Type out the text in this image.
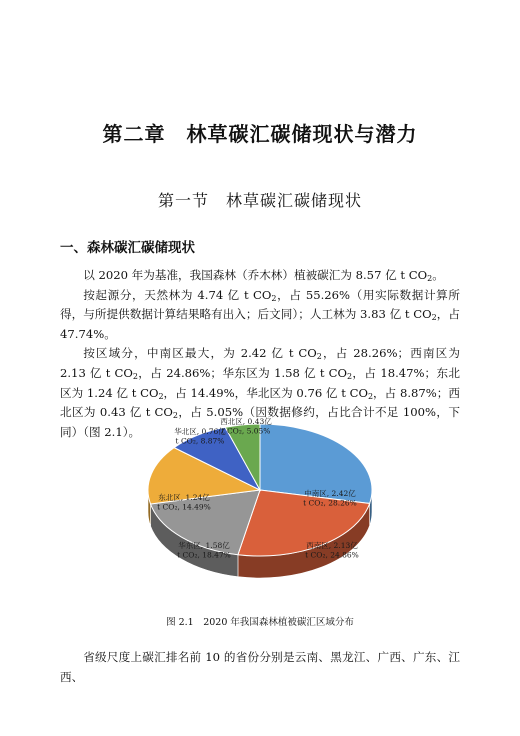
第二章　林草碳汇碳储现状与潜力
第一节　林草碳汇碳储现状
一、森林碳汇碳储现状

以 2020 年为基准，我国森林（乔木林）植被碳汇为 8.57 亿 t $CO_2$。

按起源分，天然林为 4.74 亿 t $CO_2$，占 55.26%（用实际数据计算所得，与所提供数据计算结果略有出入；后文同）；人工林为 3.83 亿 t $CO_2$，占 47.74%。

按区域分，中南区最大，为 2.42 亿 t $CO_2$，占 28.26%；西南区为 2.13 亿 t $CO_2$，占 24.86%；华东区为 1.58 亿 t $CO_2$，占 18.47%；东北区为 1.24 亿 t $CO_2$，占 14.49%，华北区为 0.76 亿 t $CO_2$，占 8.87%；西北区为 0.43 亿 t $CO_2$，占 5.05%（因数据修约，占比合计不足 100%，下同）（图 2.1）。

中南区, 2.42亿 t CO₂, 28.26%
西南区, 2.13亿 t CO₂, 24.86%
华东区, 1.58亿 t CO₂, 18.47%
东北区, 1.24亿 t CO₂, 14.49%
华北区, 0.76亿 t CO₂, 8.87%
西北区, 0.43亿 t CO₂, 5.05%
图 2.1　2020 年我国森林植被碳汇区域分布

省级尺度上碳汇排名前 10 的省份分别是云南、黑龙江、广西、广东、江西、
